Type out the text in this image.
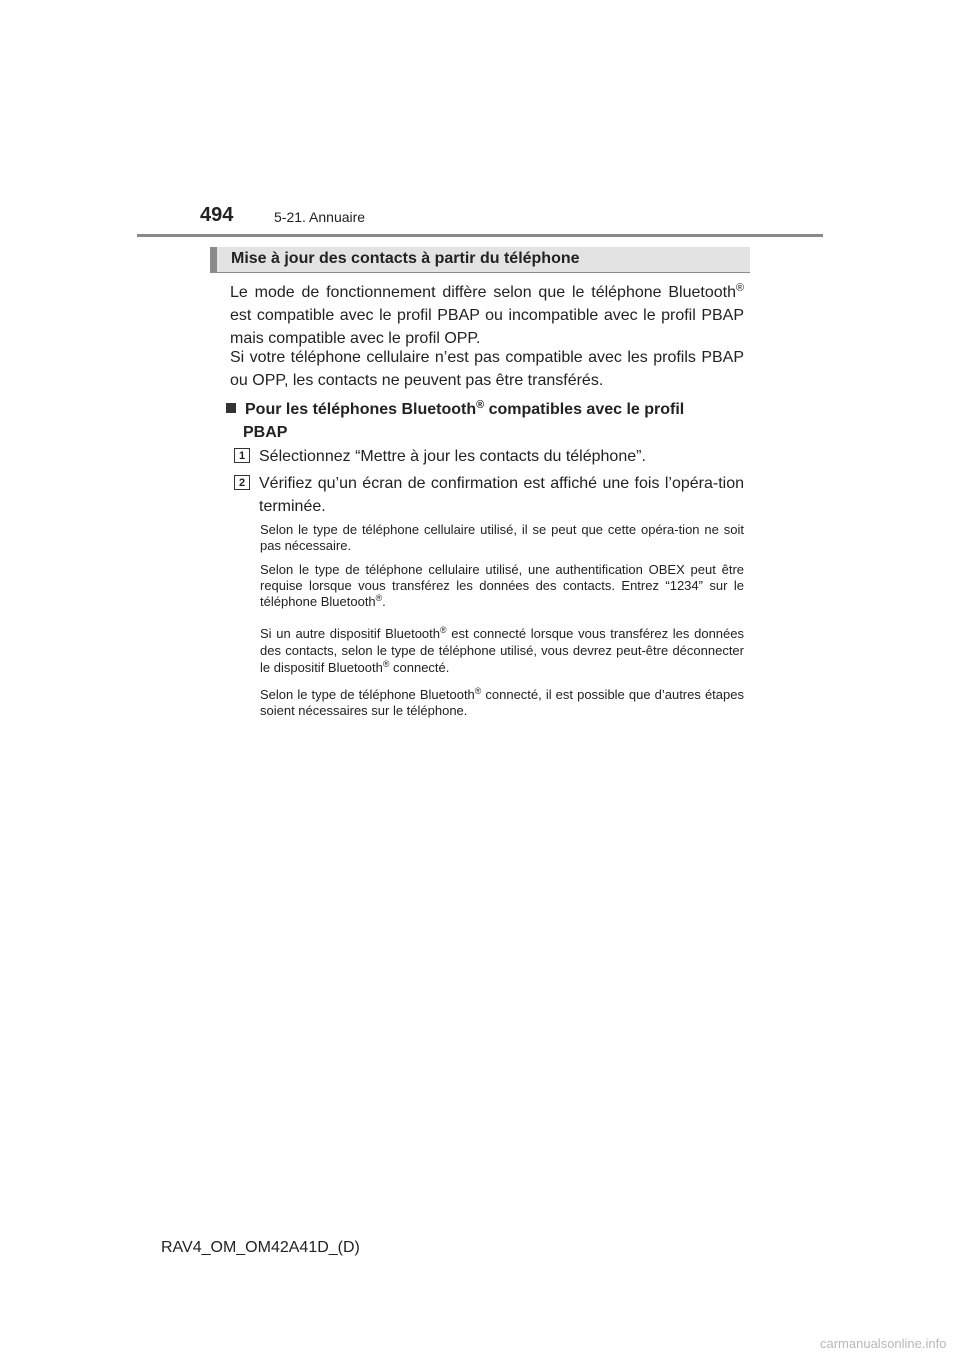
494	5-21. Annuaire
Mise à jour des contacts à partir du téléphone

Le mode de fonctionnement diffère selon que le téléphone Bluetooth® est compatible avec le profil PBAP ou incompatible avec le profil PBAP mais compatible avec le profil OPP.

Si votre téléphone cellulaire n’est pas compatible avec les profils PBAP ou OPP, les contacts ne peuvent pas être transférés.

Pour les téléphones Bluetooth® compatibles avec le profil
PBAP
1 Sélectionnez “Mettre à jour les contacts du téléphone”.

2 Vérifiez qu’un écran de confirmation est affiché une fois l’opéra-tion terminée.

Selon le type de téléphone cellulaire utilisé, il se peut que cette opéra-tion ne soit pas nécessaire.

Selon le type de téléphone cellulaire utilisé, une authentification OBEX peut être requise lorsque vous transférez les données des contacts. Entrez “1234” sur le téléphone Bluetooth®.

Si un autre dispositif Bluetooth® est connecté lorsque vous transférez les données des contacts, selon le type de téléphone utilisé, vous devrez peut-être déconnecter le dispositif Bluetooth® connecté.

Selon le type de téléphone Bluetooth® connecté, il est possible que d’autres étapes soient nécessaires sur le téléphone.

RAV4_OM_OM42A41D_(D)
carmanualsonline.info
